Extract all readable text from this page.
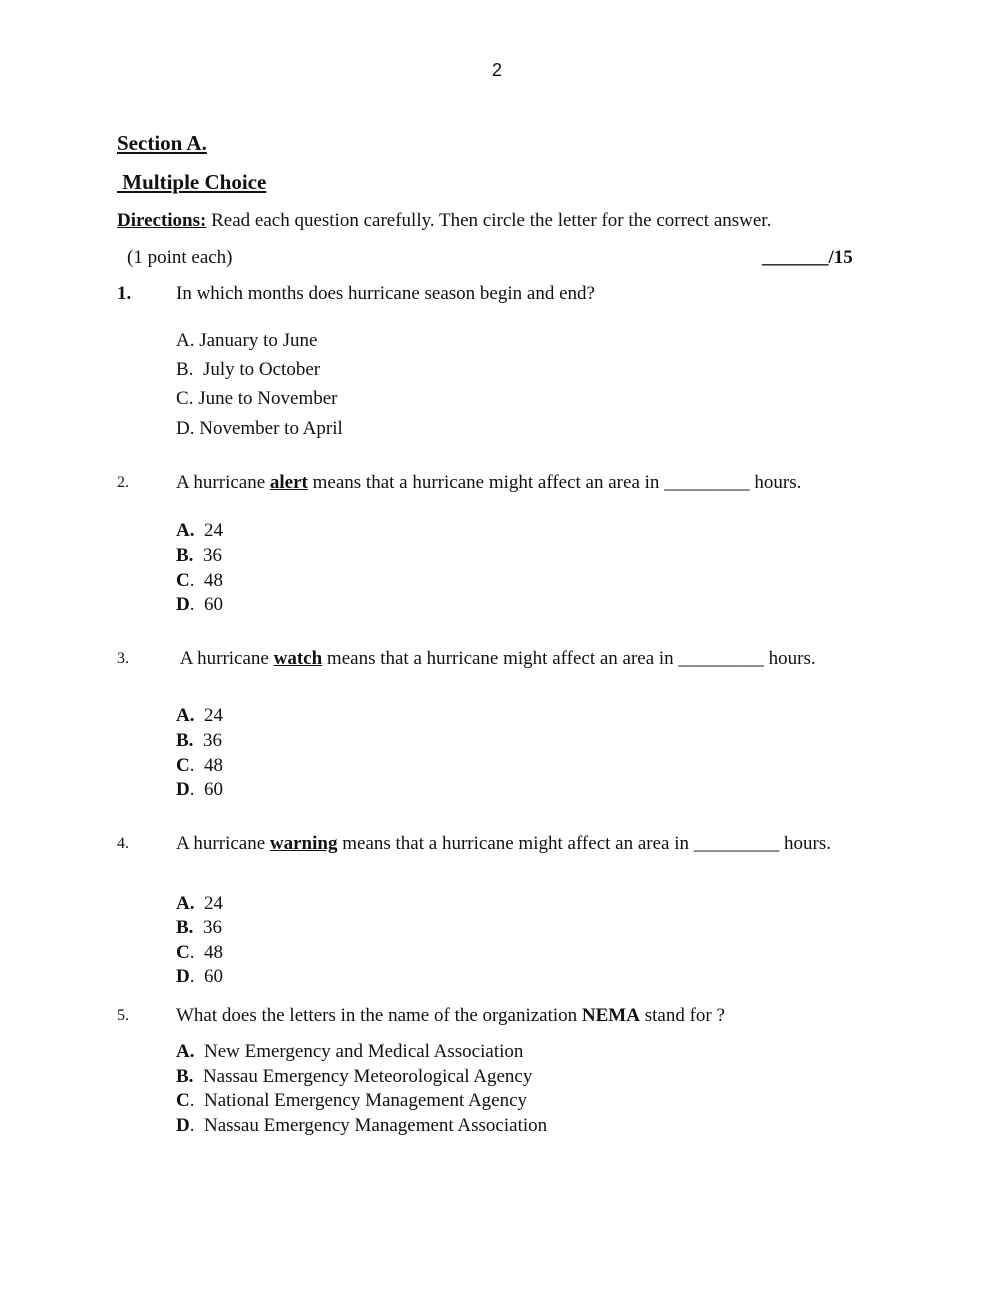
2
Section A.
Multiple Choice
Directions: Read each question carefully. Then circle the letter for the correct answer.
(1 point each)	_______/15
1. In which months does hurricane season begin and end?
A. January to June
B.  July to October
C. June to November
D. November to April
2. A hurricane alert means that a hurricane might affect an area in _________ hours.
A. 24
B. 36
C.  48
D.  60
3. A hurricane watch means that a hurricane might affect an area in _________ hours.
A. 24
B. 36
C.  48
D.  60
4. A hurricane warning means that a hurricane might affect an area in _________ hours.
A. 24
B. 36
C.  48
D.  60
5. What does the letters in the name of the organization NEMA stand for ?
A. New Emergency and Medical Association
B. Nassau Emergency Meteorological Agency
C.  National Emergency Management Agency
D.  Nassau Emergency Management Association
